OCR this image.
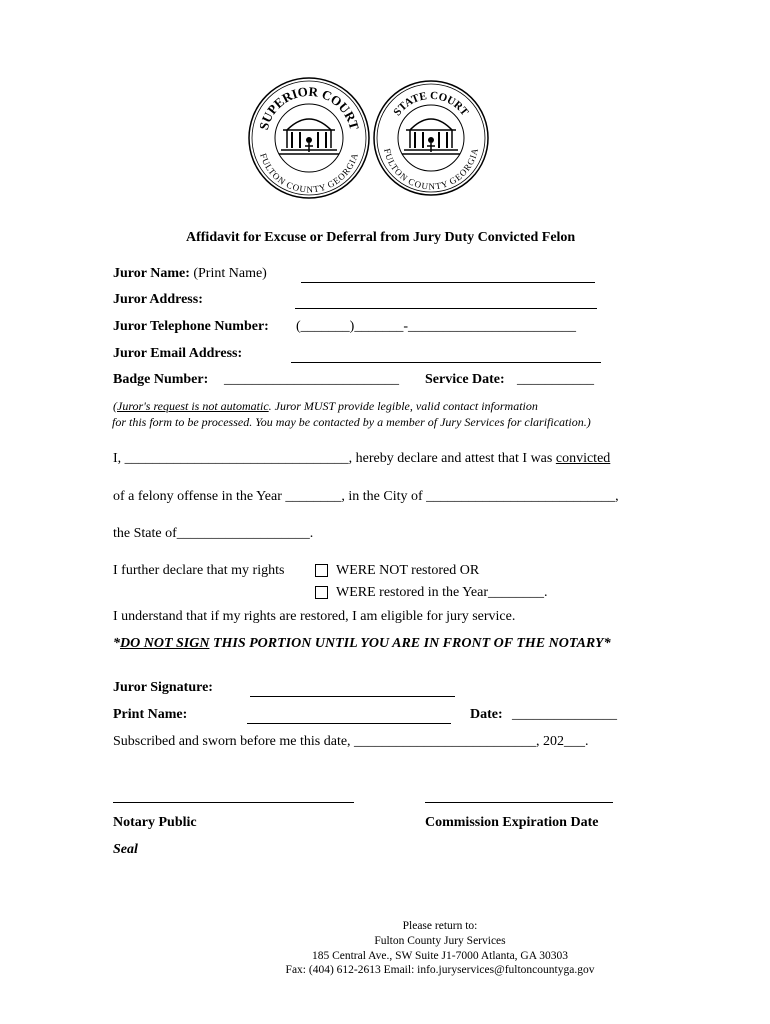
SUPERIOR COURT
FULTON COUNTY GEORGIA
STATE COURT
FULTON COUNTY GEORGIA
Affidavit for Excuse or Deferral from Jury Duty Convicted Felon
Juror Name: (Print Name)
Juror Address:
Juror Telephone Number: (_______)_______-________________________
Juror Email Address:
Badge Number: _________________________ Service Date: ___________
(Juror's request is not automatic. Juror MUST provide legible, valid contact information
for this form to be processed. You may be contacted by a member of Jury Services for clarification.)
I, ________________________________, hereby declare and attest that I was convicted
of a felony offense in the Year ________, in the City of ___________________________,
the State of___________________.
I further declare that my rights	WERE NOT restored OR
WERE restored in the Year________.
I understand that if my rights are restored, I am eligible for jury service.
*DO NOT SIGN THIS PORTION UNTIL YOU ARE IN FRONT OF THE NOTARY*
Juror Signature:
Print Name:	Date: _______________
Subscribed and sworn before me this date, __________________________, 202___.
Notary Public	Commission Expiration Date
Seal
Please return to:
Fulton County Jury Services
185 Central Ave., SW Suite J1-7000 Atlanta, GA 30303
Fax: (404) 612-2613 Email: info.juryservices@fultoncountyga.gov
